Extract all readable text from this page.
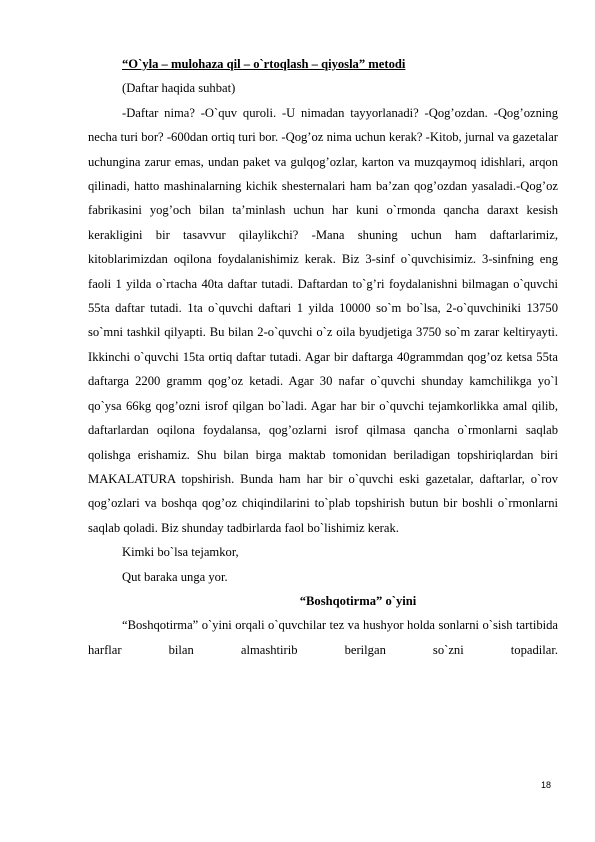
“O`yla – mulohaza qil – o`rtoqlash – qiyosla” metodi

(Daftar haqida suhbat)

-Daftar nima? -O`quv quroli. -U nimadan tayyorlanadi? -Qog’ozdan. -Qog’ozning necha turi bor? -600dan ortiq turi bor. -Qog’oz nima uchun kerak? -Kitob, jurnal va gazetalar uchungina zarur emas, undan paket va gulqog’ozlar, karton va muzqaymoq idishlari, arqon qilinadi, hatto mashinalarning kichik shesternalari ham ba’zan qog’ozdan yasaladi.-Qog’oz fabrikasini yog’och bilan ta’minlash uchun har kuni o`rmonda qancha daraxt kesish kerakligini bir tasavvur qilaylikchi? -Mana shuning uchun ham daftarlarimiz, kitoblarimizdan oqilona foydalanishimiz kerak. Biz 3-sinf o`quvchisimiz. 3-sinfning eng faoli 1 yilda o`rtacha 40ta daftar tutadi. Daftardan to`g’ri foydalanishni bilmagan o`quvchi 55ta daftar tutadi. 1ta o`quvchi daftari 1 yilda 10000 so`m bo`lsa, 2-o`quvchiniki 13750 so`mni tashkil qilyapti. Bu bilan 2-o`quvchi o`z oila byudjetiga 3750 so`m zarar keltiryayti. Ikkinchi o`quvchi 15ta ortiq daftar tutadi. Agar bir daftarga 40grammdan qog’oz ketsa 55ta daftarga 2200 gramm qog’oz ketadi. Agar 30 nafar o`quvchi shunday kamchilikga yo`l qo`ysa 66kg qog’ozni isrof qilgan bo`ladi. Agar har bir o`quvchi tejamkorlikka amal qilib, daftarlardan oqilona foydalansa, qog’ozlarni isrof qilmasa qancha o`rmonlarni saqlab qolishga erishamiz. Shu bilan birga maktab tomonidan beriladigan topshiriqlardan biri MAKALATURA topshirish. Bunda ham har bir o`quvchi eski gazetalar, daftarlar, o`rov qog’ozlari va boshqa qog’oz chiqindilarini to`plab topshirish butun bir boshli o`rmonlarni saqlab qoladi. Biz shunday tadbirlarda faol bo`lishimiz kerak.

Kimki bo`lsa tejamkor,

Qut baraka unga yor.

“Boshqotirma” o`yini

“Boshqotirma” o`yini orqali o`quvchilar tez va hushyor holda sonlarni o`sish tartibida harflar bilan almashtirib berilgan so`zni topadilar.

18
